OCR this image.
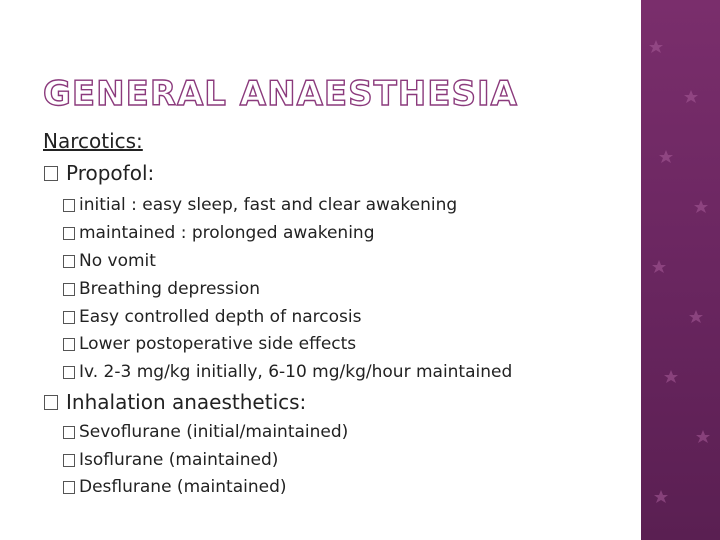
GENERAL ANAESTHESIA
Narcotics:
Propofol:
initial : easy sleep, fast and clear awakening
maintained : prolonged awakening
No vomit
Breathing depression
Easy controlled depth of narcosis
Lower postoperative side effects
Iv. 2-3 mg/kg initially, 6-10 mg/kg/hour maintained
Inhalation anaesthetics:
Sevoflurane (initial/maintained)
Isoflurane (maintained)
Desflurane (maintained)
